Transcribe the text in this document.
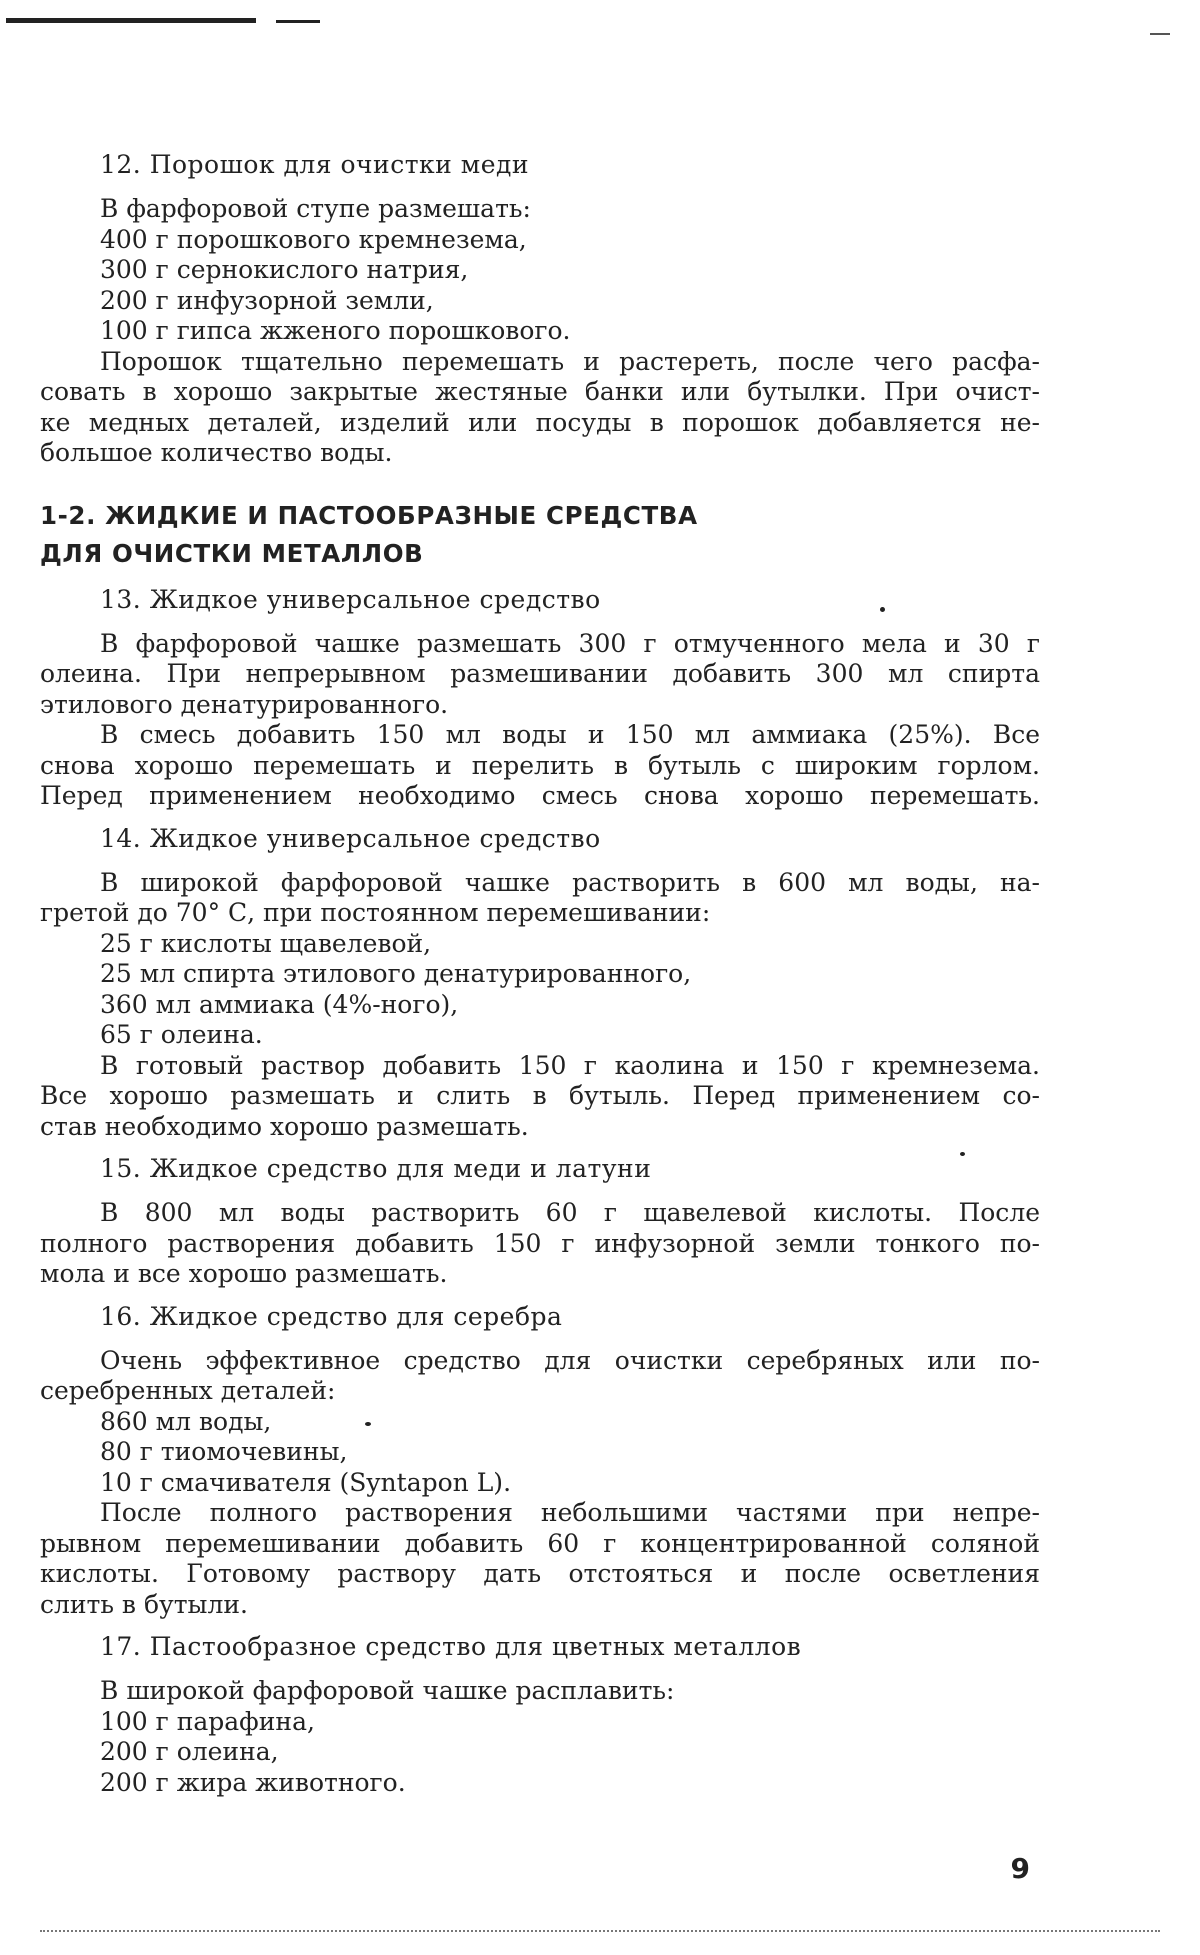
12. Порошок для очистки меди
В фарфоровой ступе размешать:
400 г порошкового кремнезема,
300 г сернокислого натрия,
200 г инфузорной земли,
100 г гипса жженого порошкового.
Порошок тщательно перемешать и растереть, после чего расфа-
совать в хорошо закрытые жестяные банки или бутылки. При очист-
ке медных деталей, изделий или посуды в порошок добавляется не-
большое количество воды.
1-2. ЖИДКИЕ И ПАСТООБРАЗНЫЕ СРЕДСТВА
ДЛЯ ОЧИСТКИ МЕТАЛЛОВ
13. Жидкое универсальное средство
В фарфоровой чашке размешать 300 г отмученного мела и 30 г
олеина. При непрерывном размешивании добавить 300 мл спирта
этилового денатурированного.
В смесь добавить 150 мл воды и 150 мл аммиака (25%). Все
снова хорошо перемешать и перелить в бутыль с широким горлом.
Перед применением необходимо смесь снова хорошо перемешать.
14. Жидкое универсальное средство
В широкой фарфоровой чашке растворить в 600 мл воды, на-
гретой до 70° С, при постоянном перемешивании:
25 г кислоты щавелевой,
25 мл спирта этилового денатурированного,
360 мл аммиака (4%-ного),
65 г олеина.
В готовый раствор добавить 150 г каолина и 150 г кремнезема.
Все хорошо размешать и слить в бутыль. Перед применением со-
став необходимо хорошо размешать.
15. Жидкое средство для меди и латуни
В 800 мл воды растворить 60 г щавелевой кислоты. После
полного растворения добавить 150 г инфузорной земли тонкого по-
мола и все хорошо размешать.
16. Жидкое средство для серебра
Очень эффективное средство для очистки серебряных или по-
серебренных деталей:
860 мл воды,
80 г тиомочевины,
10 г смачивателя (Syntapon L).
После полного растворения небольшими частями при непре-
рывном перемешивании добавить 60 г концентрированной соляной
кислоты. Готовому раствору дать отстояться и после осветления
слить в бутыли.
17. Пастообразное средство для цветных металлов
В широкой фарфоровой чашке расплавить:
100 г парафина,
200 г олеина,
200 г жира животного.
9
